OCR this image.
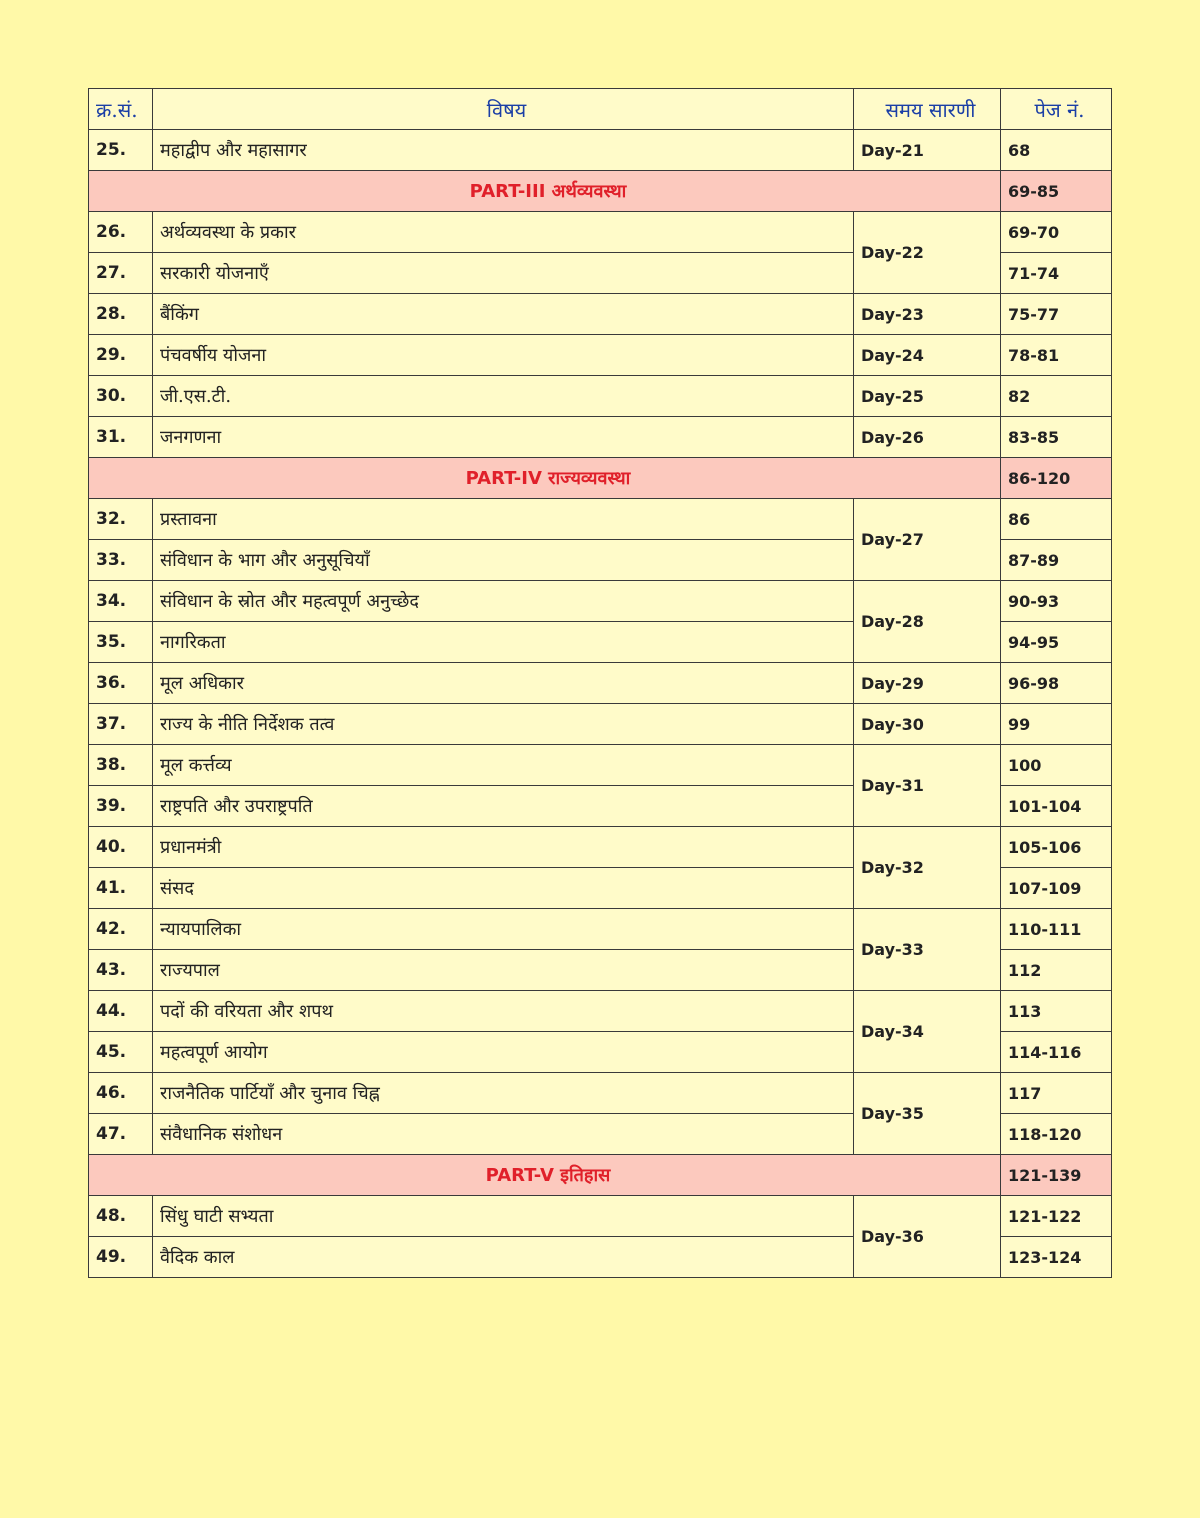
क्र.सं.	विषय	समय सारणी	पेज नं.
25.	महाद्वीप और महासागर	Day-21	68
PART-III अर्थव्यवस्था			69-85
26.	अर्थव्यवस्था के प्रकार	Day-22	69-70
27.	सरकारी योजनाएँ		71-74
28.	बैंकिंग	Day-23	75-77
29.	पंचवर्षीय योजना	Day-24	78-81
30.	जी.एस.टी.	Day-25	82
31.	जनगणना	Day-26	83-85
PART-IV राज्यव्यवस्था			86-120
32.	प्रस्तावना	Day-27	86
33.	संविधान के भाग और अनुसूचियाँ		87-89
34.	संविधान के स्रोत और महत्वपूर्ण अनुच्छेद	Day-28	90-93
35.	नागरिकता		94-95
36.	मूल अधिकार	Day-29	96-98
37.	राज्य के नीति निर्देशक तत्व	Day-30	99
38.	मूल कर्त्तव्य	Day-31	100
39.	राष्ट्रपति और उपराष्ट्रपति		101-104
40.	प्रधानमंत्री	Day-32	105-106
41.	संसद		107-109
42.	न्यायपालिका	Day-33	110-111
43.	राज्यपाल		112
44.	पदों की वरियता और शपथ	Day-34	113
45.	महत्वपूर्ण आयोग		114-116
46.	राजनैतिक पार्टियाँ और चुनाव चिह्न	Day-35	117
47.	संवैधानिक संशोधन		118-120
PART-V इतिहास			121-139
48.	सिंधु घाटी सभ्यता	Day-36	121-122
49.	वैदिक काल		123-124
